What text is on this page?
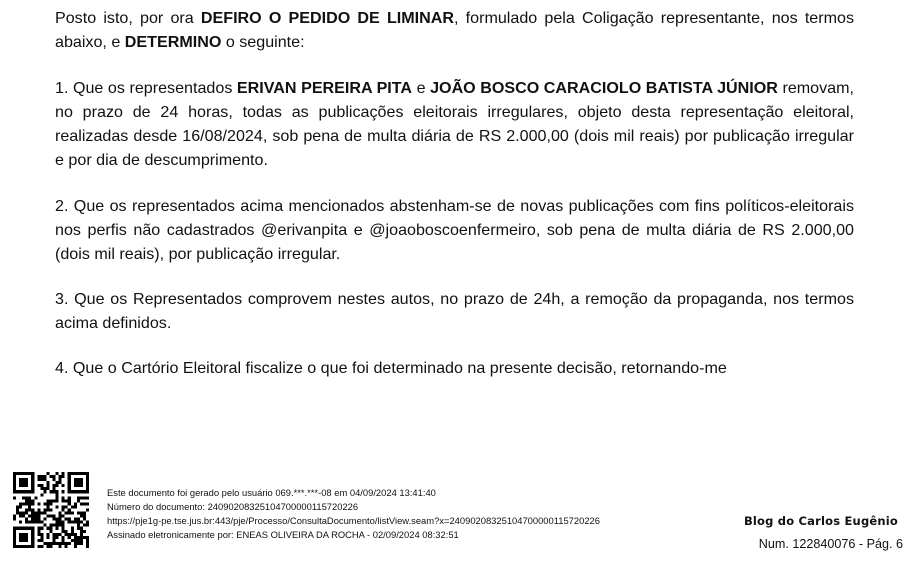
Posto isto, por ora DEFIRO O PEDIDO DE LIMINAR, formulado pela Coligação representante, nos termos abaixo, e DETERMINO o seguinte:

1. Que os representados ERIVAN PEREIRA PITA e JOÃO BOSCO CARACIOLO BATISTA JÚNIOR removam, no prazo de 24 horas, todas as publicações eleitorais irregulares, objeto desta representação eleitoral, realizadas desde 16/08/2024, sob pena de multa diária de RS 2.000,00 (dois mil reais) por publicação irregular e por dia de descumprimento.

2. Que os representados acima mencionados abstenham-se de novas publicações com fins políticos-eleitorais nos perfis não cadastrados @erivanpita e @joaoboscoenfermeiro, sob pena de multa diária de RS 2.000,00 (dois mil reais), por publicação irregular.

3. Que os Representados comprovem nestes autos, no prazo de 24h, a remoção da propaganda, nos termos acima definidos.

4. Que o Cartório Eleitoral fiscalize o que foi determinado na presente decisão, retornando-me

Este documento foi gerado pelo usuário 069.***.***-08 em 04/09/2024 13:41:40
Número do documento: 24090208325104700000115720226
https://pje1g-pe.tse.jus.br:443/pje/Processo/ConsultaDocumento/listView.seam?x=24090208325104700000115720226
Assinado eletronicamente por: ENEAS OLIVEIRA DA ROCHA - 02/09/2024 08:32:51
Blog do Carlos Eugênio
Num. 122840076 - Pág. 6
